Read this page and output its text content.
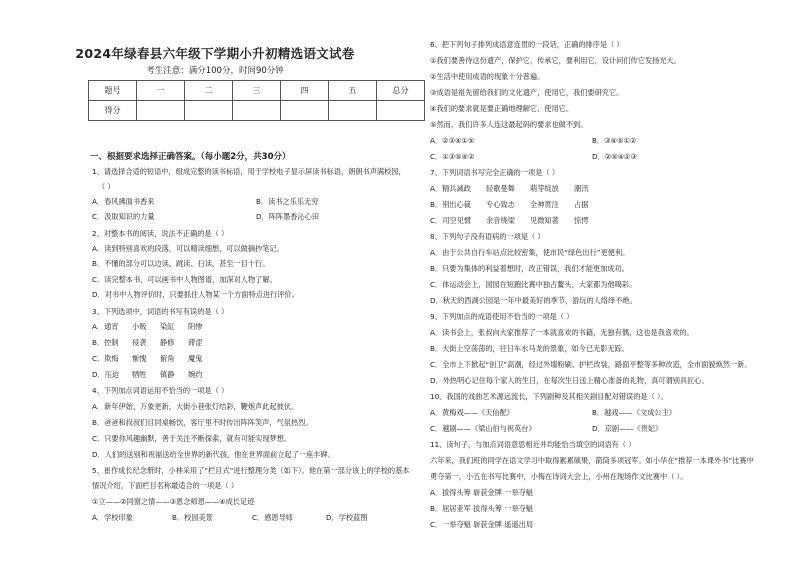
2024年绿春县六年级下学期小升初精选语文试卷
考生注意：满分100分，时间90分钟
题号	一	二	三	四	五	总分
得分						
一、根据要求选择正确答案。（每小题2分，共30分）
1、请选择合适的短语中，组成完整的读书标语，用于学校电子显示屏读书标语，朗朗书声满校园，
（ ）
A．春风拂面书香来	B．读书之乐乐无穷
C．汲取知识的力量	D．阵阵墨香沁心田
2、对整本书的阅读，说法不正确的是（ ）
A．读到特别喜欢的段落，可以精读细想，可以做摘抄笔记。
B．不懂的部分可以边读、跳读、扫读，甚至一目十行。
C．读完整本书，可以画书中人物图谱，加深对人物了解。
D．对书中人物评价时，只要抓住人物某一个方面特点进行评价。
3、下列选项中，词语的书写有误的是（ ）
A．通宵 小贩 染缸 阴惨
B．控制 侵袭 静修 滞涩
C．欺悔 惭愧 俯角 魔鬼
D．压迫 牺牲 镇静 婉约
4、下列加点词语运用不恰当的一项是（ ）
A．新年伊始，万象更新，大街小巷张灯结彩，鞭炮声此起彼伏。
B．爸爸和叔叔们目同桌畅饮，客厅里不时传出阵阵笑声，气氛热烈。
C．只要你风趣幽默，善于关注不断探索，就有可能实现梦想。
D．人们的送别和祝福送给全世界的新代孩，他在世界面前立起了一座丰碑。
5、崔作成长纪念册时，小林采用了“栏目式”进行整理分类（如下）。他在第一部分该上的学校的基本
情况介绍，下面栏目名称最适合的一项是（ ）
①立——②同窗之情——③恩念师恩——④成长足迹
A．学校印象	B．校园美景	C．感恩导师	D．学校蓝图
6、把下列句子排列成语意连贯的一段话，正确的排序是（ ）
①我们要善待这份遗产，保护它，传承它，要利用它，设计问们传它发扬光大。
②生活中使用成语的现象十分普遍。
③成语是祖先留给我们的文化遗产，使用它，我们要研究它。
④我们的要求就是要正确地理解它、使用它。
⑤然而，我们许多人连这最起码的要求也做不到。
A．②③④①⑤	B．③④⑤①②
C．①③⑤④②	D．②⑤④①③
7、下列词语书写完全正确的一项是（ ）
A．精兵减政 轻歌曼舞 萌芽绽放 潮汛
B．别出心裁 专心致志 全神贯注 占据
C．司空见惯 余音绕梁 见微知著 惊愕
8、下列句子没有语病的一项是（ ）
A．由于公共自行车站点比较密集，使市民“绿色出行”更便利。
B．只要为集体的利益着想时，改正错误，我们才能更加成功。
C．体运动会上，园园在短跑比赛中独占鳌头，大家都为他喝彩。
D．秋天的西湖公园是一年中最美好的季节，游玩的人络绎不绝。
9、下列加点的成语使用不恰当的一项是（ ）
A．读书会上，张叔向大家推荐了一本就喜欢的书籍，无独有偶，这也是我喜欢的。
B．大街上空荡荡的，往日车水马龙的景象，如今已无影无踪。
C．全市上下掀起“创卫”高潮，经过外墙粉刷、护栏改装，路面平整等多种改造，全市面貌焕然一新。
D．外热明心记住每个家人的生日，在每次生日送上精心准备的礼物，真可谓别具匠心。
10、我国的戏曲艺术源远流长，下列剧种及其相关剧目配对错误的是（ ）。
A．黄梅戏——《天仙配》	B．越戏——《文成公主》
C．越剧——《梁山伯与祝英台》	D．京剧——《贵妃》
11、读句子，与加点词语意思相近并均能恰当填空的词语有（ ）
六年来，我们班的同学在语文学习中取得累累硕果，箭筒多项冠军。如小华在“推荐一本课外书”比赛中
勇夺第一，小五在书写比赛中，小梅在诗词大会上，小州在现场作文比赛中（ ）。
A．拔得头筹 崭获金牌 一举夺魁
B．屈居亚军 拔得头筹 一举夺魁
C．一举夺魁 崭获金牌 遥遥出局
